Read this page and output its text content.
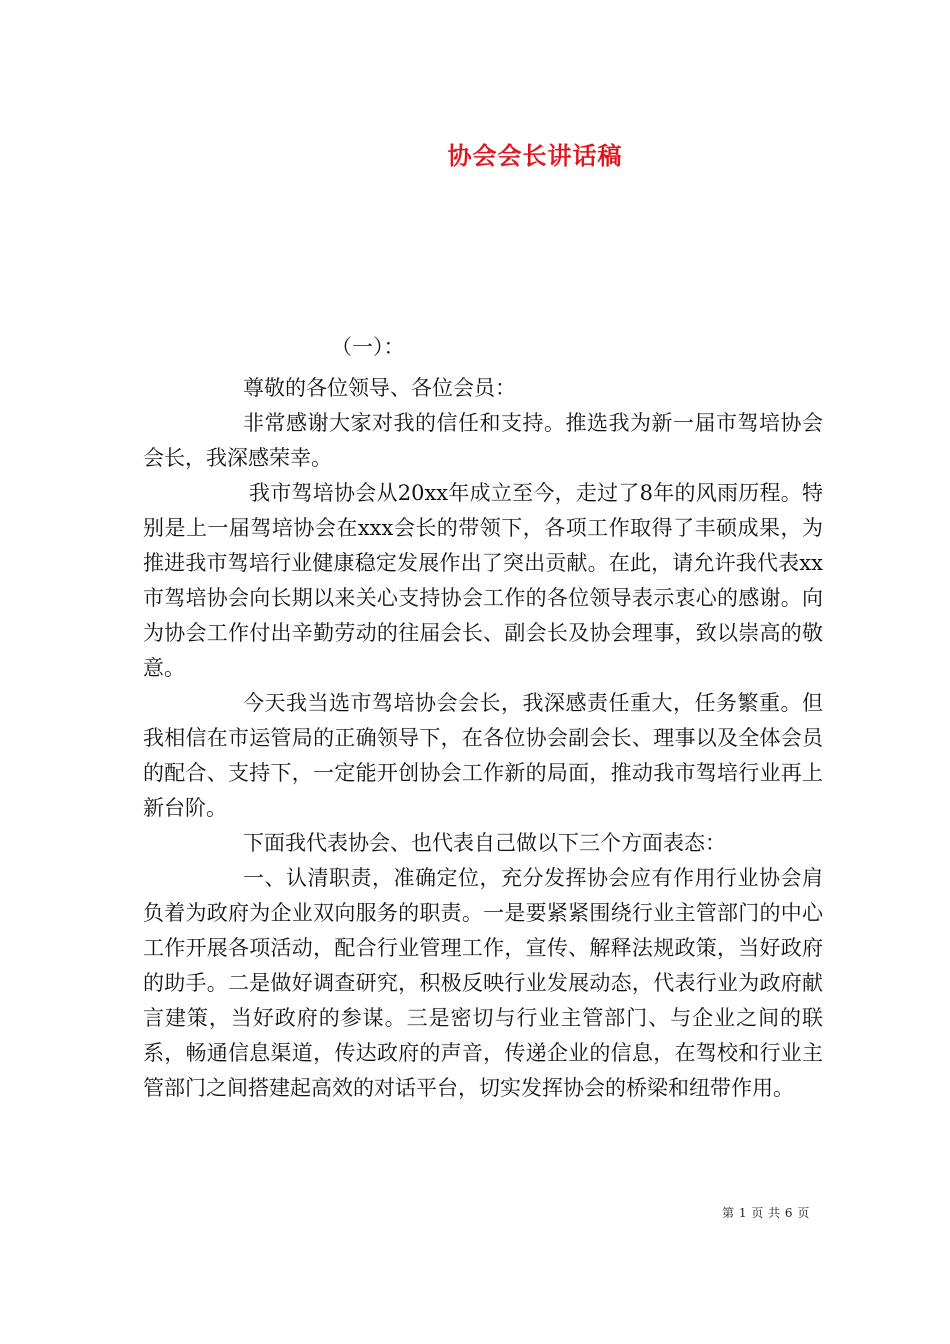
协会会长讲话稿

（一）：

尊敬的各位领导、各位会员：

非常感谢大家对我的信任和支持。推选我为新一届市驾培协会会长，我深感荣幸。

我市驾培协会从20xx年成立至今，走过了8年的风雨历程。特别是上一届驾培协会在xxx会长的带领下，各项工作取得了丰硕成果，为推进我市驾培行业健康稳定发展作出了突出贡献。在此，请允许我代表xx市驾培协会向长期以来关心支持协会工作的各位领导表示衷心的感谢。向为协会工作付出辛勤劳动的往届会长、副会长及协会理事，致以崇高的敬意。

今天我当选市驾培协会会长，我深感责任重大，任务繁重。但我相信在市运管局的正确领导下，在各位协会副会长、理事以及全体会员的配合、支持下，一定能开创协会工作新的局面，推动我市驾培行业再上新台阶。

下面我代表协会、也代表自己做以下三个方面表态：

一、认清职责，准确定位，充分发挥协会应有作用行业协会肩负着为政府为企业双向服务的职责。一是要紧紧围绕行业主管部门的中心工作开展各项活动，配合行业管理工作，宣传、解释法规政策，当好政府的助手。二是做好调查研究，积极反映行业发展动态，代表行业为政府献言建策，当好政府的参谋。三是密切与行业主管部门、与企业之间的联系，畅通信息渠道，传达政府的声音，传递企业的信息，在驾校和行业主管部门之间搭建起高效的对话平台，切实发挥协会的桥梁和纽带作用。

第 1 页 共 6 页
